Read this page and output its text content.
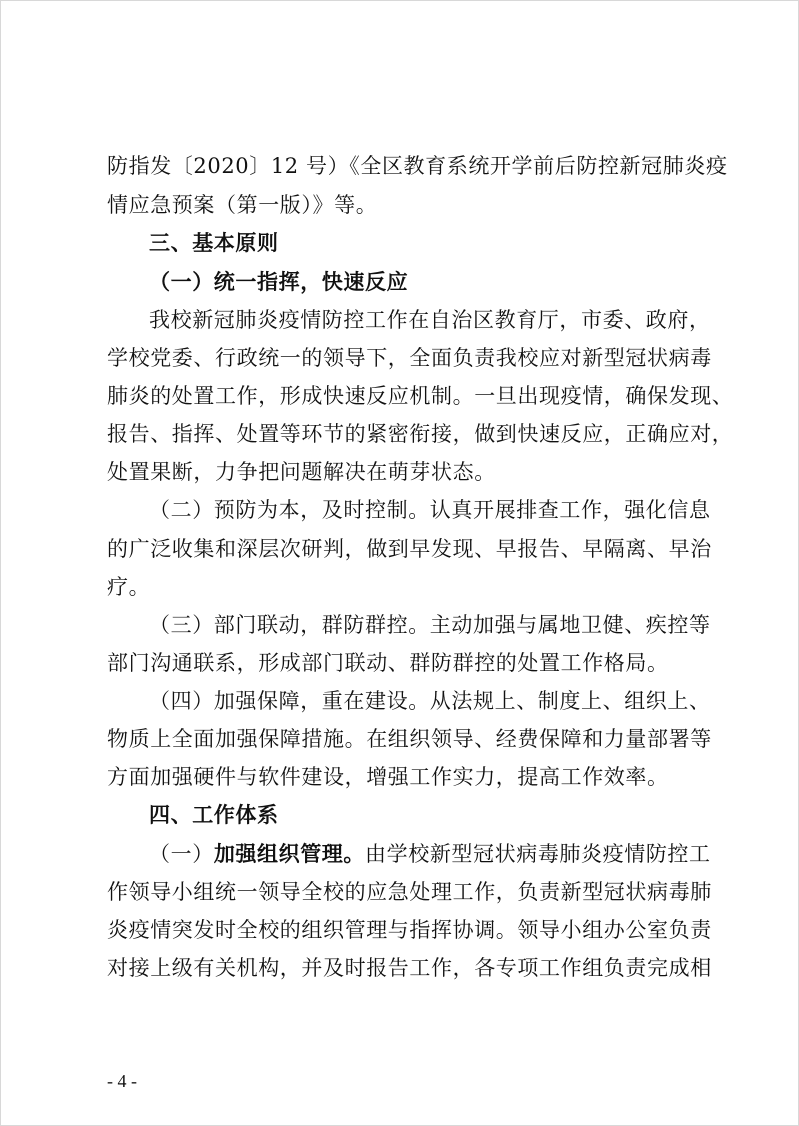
防指发〔2020〕12 号）《全区教育系统开学前后防控新冠肺炎疫
情应急预案（第一版）》等。
三、基本原则
（一）统一指挥，快速反应
我校新冠肺炎疫情防控工作在自治区教育厅，市委、政府，
学校党委、行政统一的领导下，全面负责我校应对新型冠状病毒
肺炎的处置工作，形成快速反应机制。一旦出现疫情，确保发现、
报告、指挥、处置等环节的紧密衔接，做到快速反应，正确应对，
处置果断，力争把问题解决在萌芽状态。
（二）预防为本，及时控制。认真开展排查工作，强化信息
的广泛收集和深层次研判，做到早发现、早报告、早隔离、早治
疗。
（三）部门联动，群防群控。主动加强与属地卫健、疾控等
部门沟通联系，形成部门联动、群防群控的处置工作格局。
（四）加强保障，重在建设。从法规上、制度上、组织上、
物质上全面加强保障措施。在组织领导、经费保障和力量部署等
方面加强硬件与软件建设，增强工作实力，提高工作效率。
四、工作体系
（一）加强组织管理。由学校新型冠状病毒肺炎疫情防控工
作领导小组统一领导全校的应急处理工作，负责新型冠状病毒肺
炎疫情突发时全校的组织管理与指挥协调。领导小组办公室负责
对接上级有关机构，并及时报告工作，各专项工作组负责完成相
- 4 -
